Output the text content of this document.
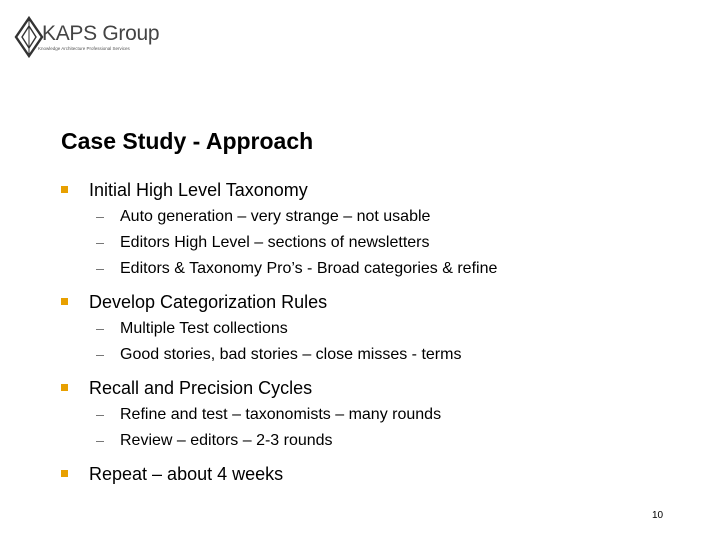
KAPS Group
Knowledge Architecture Professional Services
Case Study - Approach
Initial High Level Taxonomy
Auto generation – very strange – not usable
Editors High Level – sections of newsletters
Editors & Taxonomy Pro’s - Broad categories & refine
Develop Categorization Rules
Multiple Test collections
Good stories, bad stories – close misses - terms
Recall and Precision Cycles
Refine and test – taxonomists – many rounds
Review – editors – 2-3 rounds
Repeat – about 4 weeks
10
